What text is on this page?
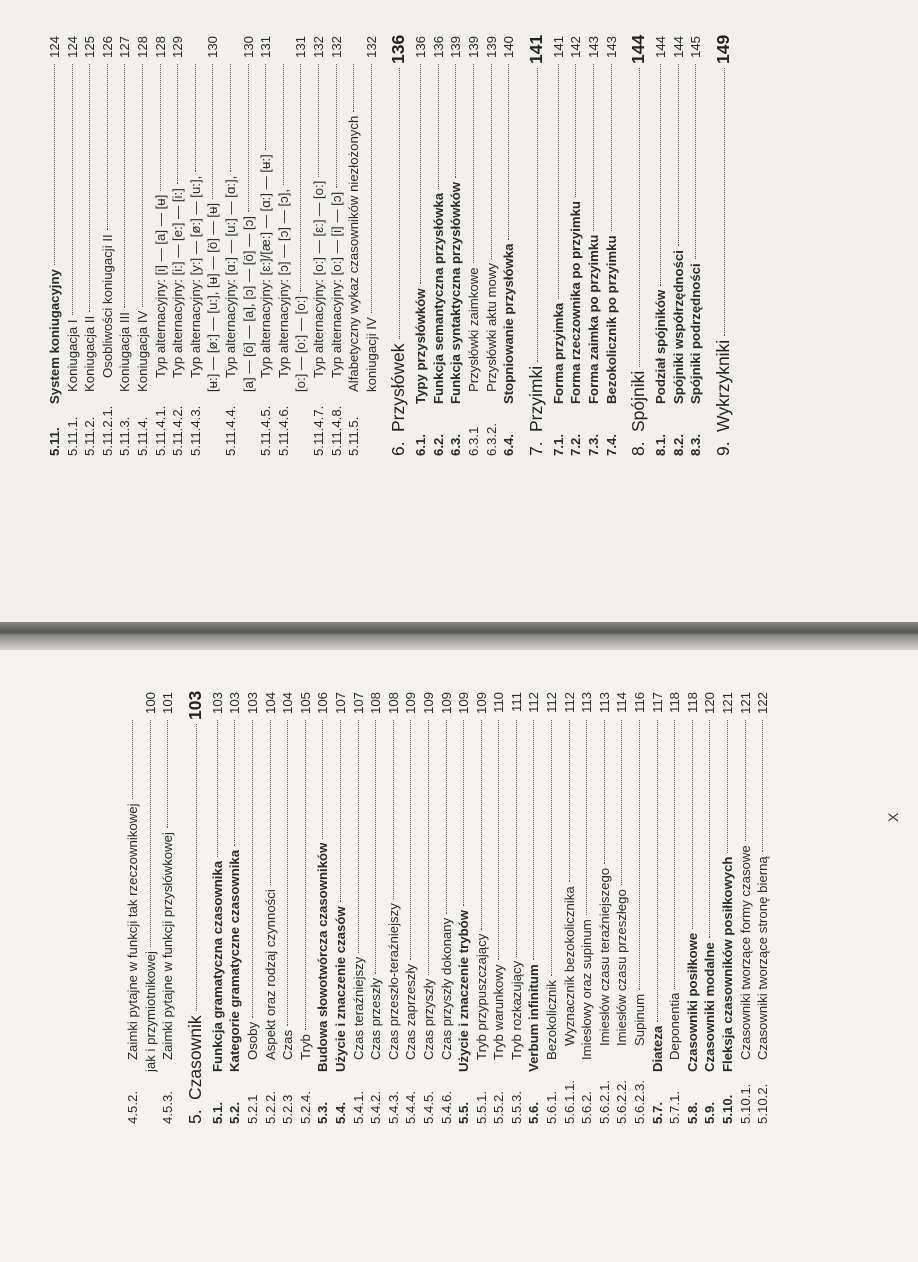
4.5.2.
Zaimki pytajne w funkcji tak rzeczownikowej jak i przymiotnikowej
100
4.5.3.
Zaimki pytajne w funkcji przysłówkowej
101
5.
Czasownik
103
5.1.
Funkcja gramatyczna czasownika
103
5.2.
Kategorie gramatyczne czasownika
103
5.2.1
Osoby
103
5.2.2.
Aspekt oraz rodzaj czynności
104
5.2.3
Czas
104
5.2.4.
Tryb
105
5.3.
Budowa słowotwórcza czasowników
106
5.4.
Użycie i znaczenie czasów
107
5.4.1.
Czas teraźniejszy
107
5.4.2.
Czas przeszły
108
5.4.3.
Czas przeszło-teraźniejszy
108
5.4.4.
Czas zaprzeszły
109
5.4.5.
Czas przyszły
109
5.4.6.
Czas przyszły dokonany
109
5.5.
Użycie i znaczenie trybów
109
5.5.1.
Tryb przypuszczający
109
5.5.2.
Tryb warunkowy
110
5.5.3.
Tryb rozkazujący
111
5.6.
Verbum infinitum
112
5.6.1.
Bezokolicznik
112
5.6.1.1.
Wyznacznik bezokolicznika
112
5.6.2.
Imiesłowy oraz supinum
113
5.6.2.1.
Imiesłów czasu teraźniejszego
113
5.6.2.2.
Imiesłów czasu przeszłego
114
5.6.2.3.
Supinum
116
5.7.
Diateza
117
5.7.1.
Deponentia
118
5.8.
Czasowniki posiłkowe
118
5.9.
Czasowniki modalne
120
5.10.
Fleksja czasowników posiłkowych
121
5.10.1.
Czasowniki tworzące formy czasowe
121
5.10.2.
Czasowniki tworzące stronę bierną
122
X
5.11.
System koniugacyjny
124
5.11.1.
Koniugacja I
124
5.11.2.
Koniugacja II
125
5.11.2.1.
Osobliwości koniugacji II
126
5.11.3.
Koniugacja III
127
5.11.4.
Koniugacja IV
128
5.11.4.1.
Typ alternacyjny: [i] — [a] — [ʉ]
128
5.11.4.2.
Typ alternacyjny: [i:] — [e:] — [i:]
129
5.11.4.3.
Typ alternacyjny: [y:] — [ø:] — [u:], [ʉ:] — [ø:] — [u:], [ʉ] — [ö] — [ʉ]
130
5.11.4.4.
Typ alternacyjny: [ɑ:] — [u:] — [ɑ:], [a] — [ö] — [a], [ɔ] — [ö] — [ɔ]
130
5.11.4.5.
Typ alternacyjny: [ɛ:]/[æ:] — [ɑ:] — [ʉ:]
131
5.11.4.6.
Typ alternacyjny: [ɔ] — [ɔ] — [ɔ], [o:] — [o:] — [o:]
131
5.11.4.7.
Typ alternacyjny: [o:] — [ɛ:] — [o:]
132
5.11.4.8.
Typ alternacyjny: [o:] — [i] — [ɔ]
132
5.11.5.
Alfabetyczny wykaz czasowników niezłożonych koniugacji IV
132
6.
Przysłówek
136
6.1.
Typy przysłówków
136
6.2.
Funkcja semantyczna przysłówka
136
6.3.
Funkcja syntaktyczna przysłówków
139
6.3.1
Przysłówki zaimkowe
139
6.3.2.
Przysłówki aktu mowy
139
6.4.
Stopniowanie przysłówka
140
7.
Przyimki
141
7.1.
Forma przyimka
141
7.2.
Forma rzeczownika po przyimku
142
7.3.
Forma zaimka po przyimku
143
7.4.
Bezokolicznik po przyimku
143
8.
Spójniki
144
8.1.
Podział spójników
144
8.2.
Spójniki współrzędności
144
8.3.
Spójniki podrzędności
145
9.
Wykrzykniki
149
